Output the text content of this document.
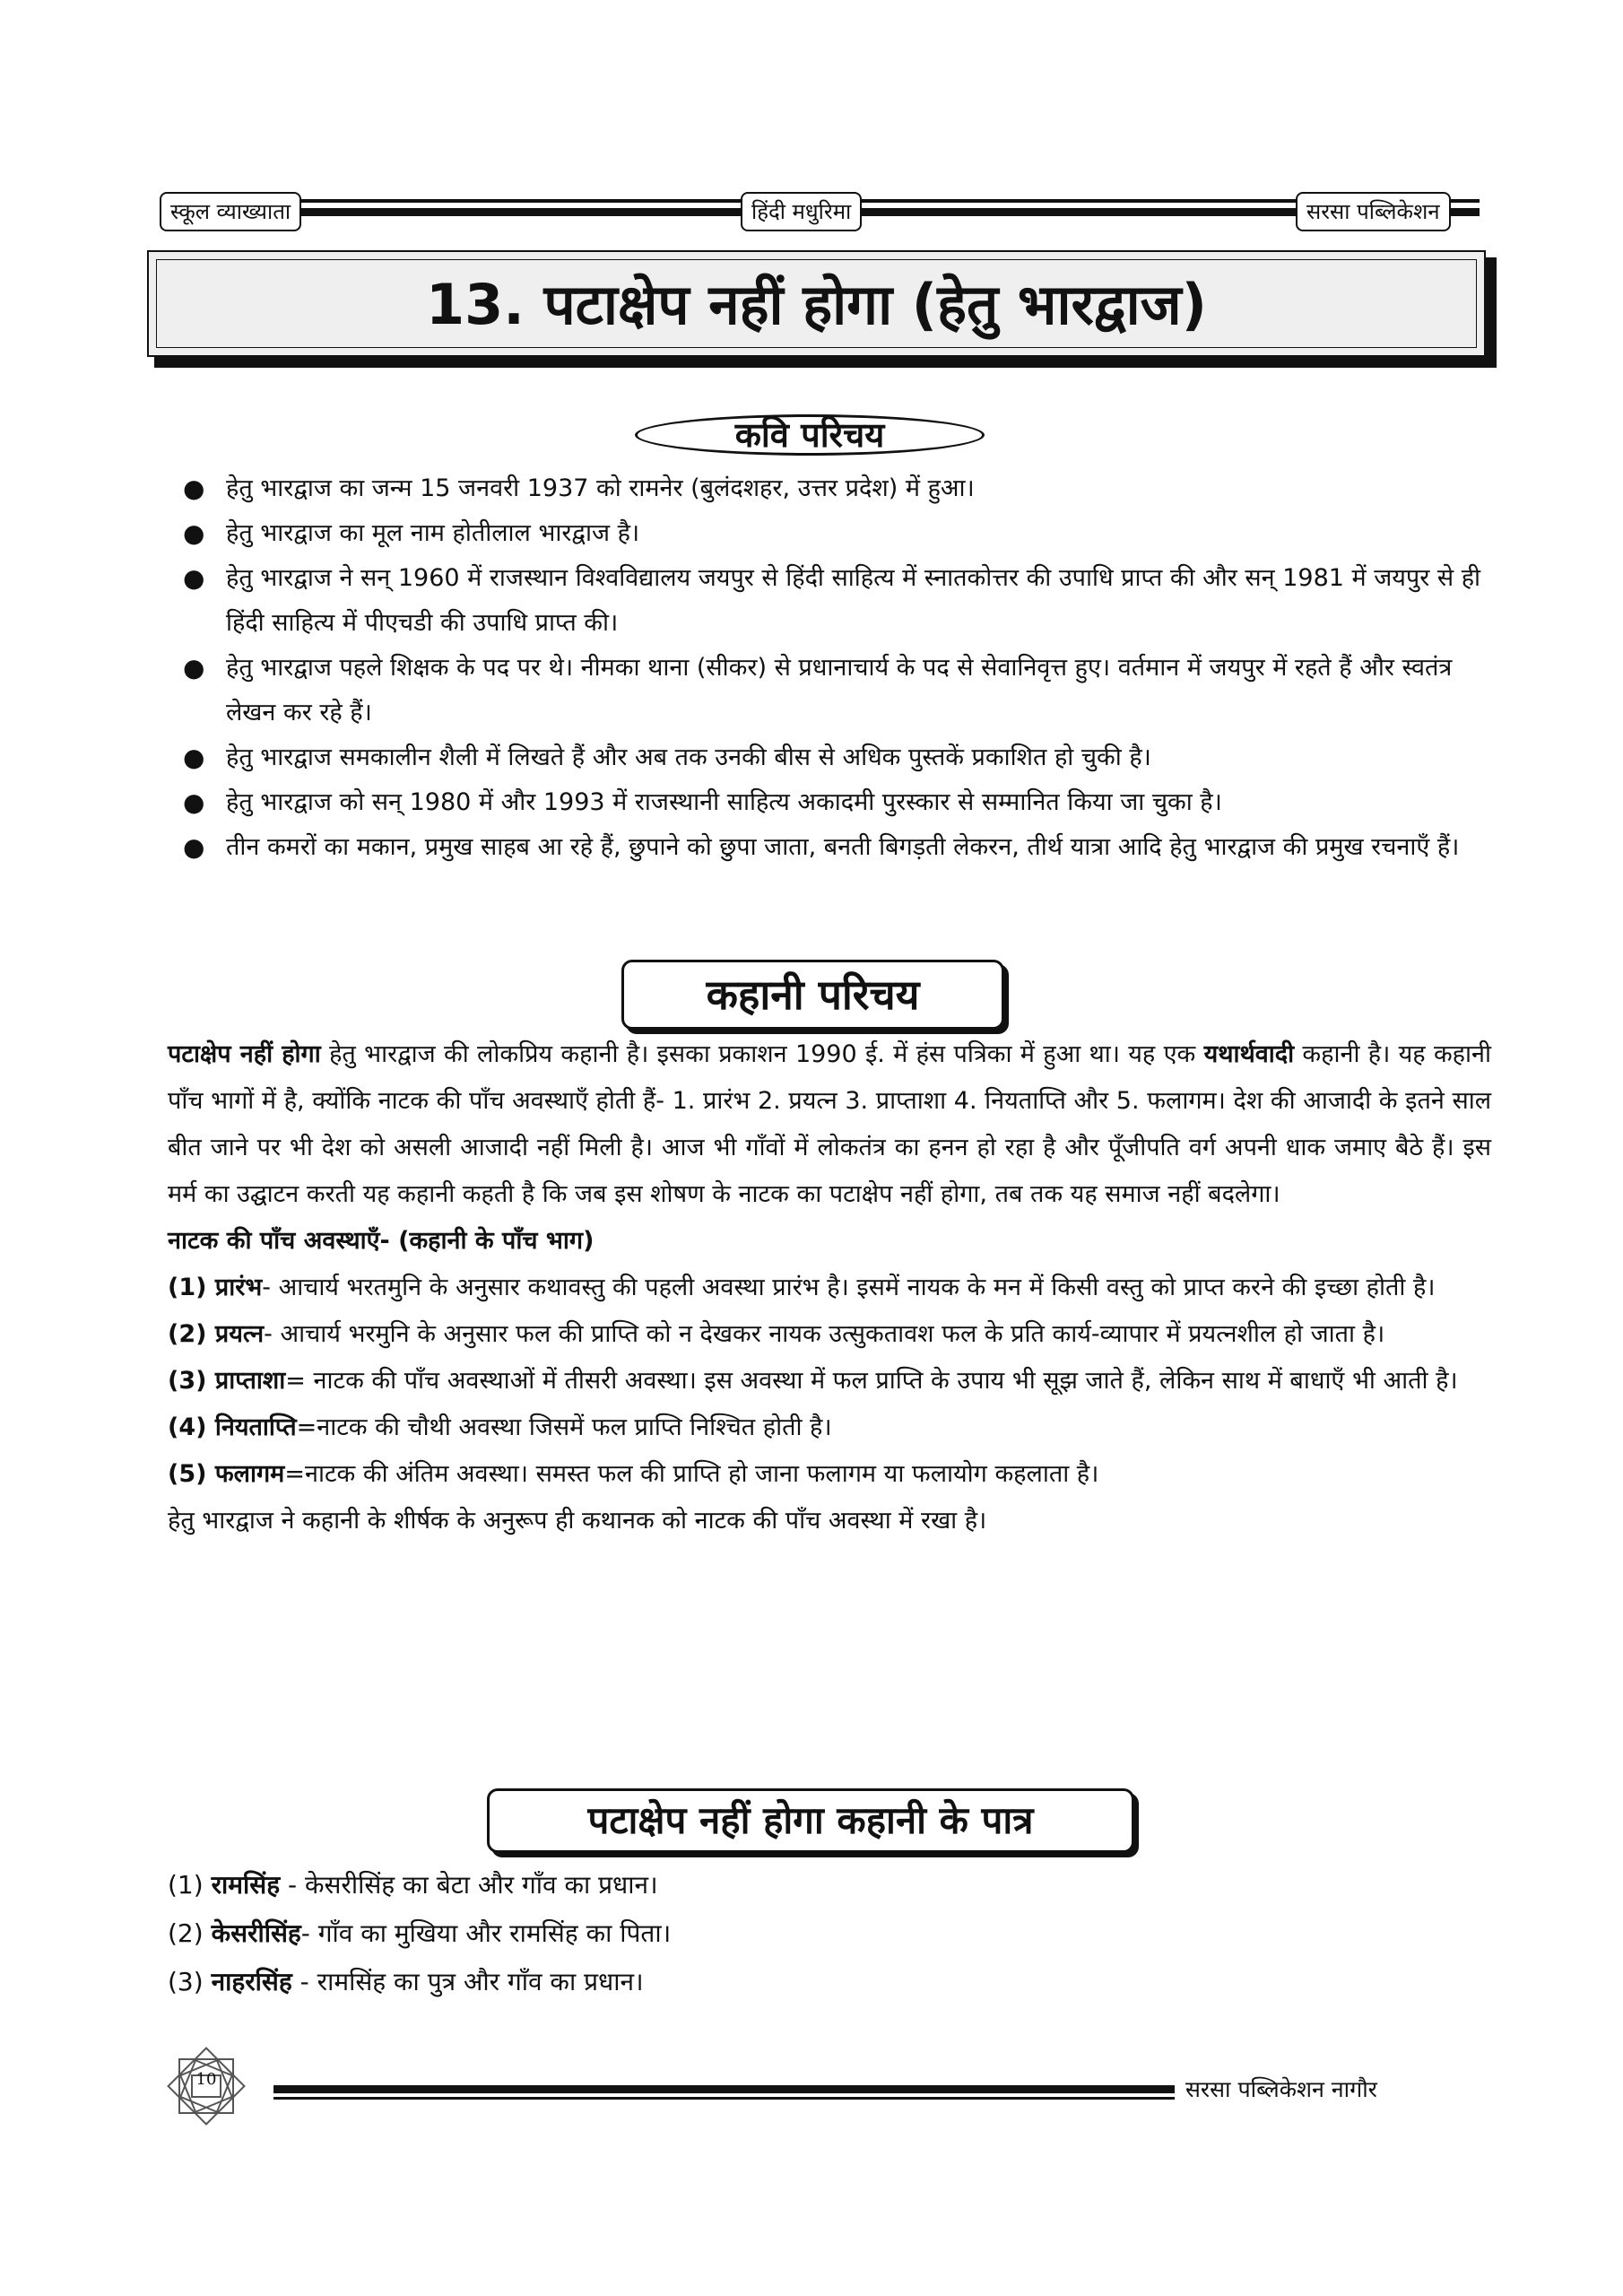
स्कूल व्याख्याता	हिंदी मधुरिमा	सरसा पब्लिकेशन
13. पटाक्षेप नहीं होगा (हेतु भारद्वाज)
कवि परिचय
● हेतु भारद्वाज का जन्म 15 जनवरी 1937 को रामनेर (बुलंदशहर, उत्तर प्रदेश) में हुआ।
● हेतु भारद्वाज का मूल नाम होतीलाल भारद्वाज है।
● हेतु भारद्वाज ने सन् 1960 में राजस्थान विश्वविद्यालय जयपुर से हिंदी साहित्य में स्नातकोत्तर की उपाधि प्राप्त की और सन् 1981 में जयपुर से ही हिंदी साहित्य में पीएचडी की उपाधि प्राप्त की।
● हेतु भारद्वाज पहले शिक्षक के पद पर थे। नीमका थाना (सीकर) से प्रधानाचार्य के पद से सेवानिवृत्त हुए। वर्तमान में जयपुर में रहते हैं और स्वतंत्र लेखन कर रहे हैं।
● हेतु भारद्वाज समकालीन शैली में लिखते हैं और अब तक उनकी बीस से अधिक पुस्तकें प्रकाशित हो चुकी है।
● हेतु भारद्वाज को सन् 1980 में और 1993 में राजस्थानी साहित्य अकादमी पुरस्कार से सम्मानित किया जा चुका है।
● तीन कमरों का मकान, प्रमुख साहब आ रहे हैं, छुपाने को छुपा जाता, बनती बिगड़ती लेकरन, तीर्थ यात्रा आदि हेतु भारद्वाज की प्रमुख रचनाएँ हैं।
कहानी परिचय

पटाक्षेप नहीं होगा हेतु भारद्वाज की लोकप्रिय कहानी है। इसका प्रकाशन 1990 ई. में हंस पत्रिका में हुआ था। यह एक यथार्थवादी कहानी है। यह कहानी पाँच भागों में है, क्योंकि नाटक की पाँच अवस्थाएँ होती हैं- 1. प्रारंभ 2. प्रयत्न 3. प्राप्ताशा 4. नियताप्ति और 5. फलागम। देश की आजादी के इतने साल बीत जाने पर भी देश को असली आजादी नहीं मिली है। आज भी गाँवों में लोकतंत्र का हनन हो रहा है और पूँजीपति वर्ग अपनी धाक जमाए बैठे हैं। इस मर्म का उद्घाटन करती यह कहानी कहती है कि जब इस शोषण के नाटक का पटाक्षेप नहीं होगा, तब तक यह समाज नहीं बदलेगा।

नाटक की पाँच अवस्थाएँ- (कहानी के पाँच भाग)

(1) प्रारंभ- आचार्य भरतमुनि के अनुसार कथावस्तु की पहली अवस्था प्रारंभ है। इसमें नायक के मन में किसी वस्तु को प्राप्त करने की इच्छा होती है।

(2) प्रयत्न- आचार्य भरमुनि के अनुसार फल की प्राप्ति को न देखकर नायक उत्सुकतावश फल के प्रति कार्य-व्यापार में प्रयत्नशील हो जाता है।

(3) प्राप्ताशा= नाटक की पाँच अवस्थाओं में तीसरी अवस्था। इस अवस्था में फल प्राप्ति के उपाय भी सूझ जाते हैं, लेकिन साथ में बाधाएँ भी आती है।

(4) नियताप्ति=नाटक की चौथी अवस्था जिसमें फल प्राप्ति निश्चित होती है।

(5) फलागम=नाटक की अंतिम अवस्था। समस्त फल की प्राप्ति हो जाना फलागम या फलायोग कहलाता है।

हेतु भारद्वाज ने कहानी के शीर्षक के अनुरूप ही कथानक को नाटक की पाँच अवस्था में रखा है।

पटाक्षेप नहीं होगा कहानी के पात्र

(1) रामसिंह - केसरीसिंह का बेटा और गाँव का प्रधान।

(2) केसरीसिंह- गाँव का मुखिया और रामसिंह का पिता।

(3) नाहरसिंह - रामसिंह का पुत्र और गाँव का प्रधान।

10	सरसा पब्लिकेशन नागौर
